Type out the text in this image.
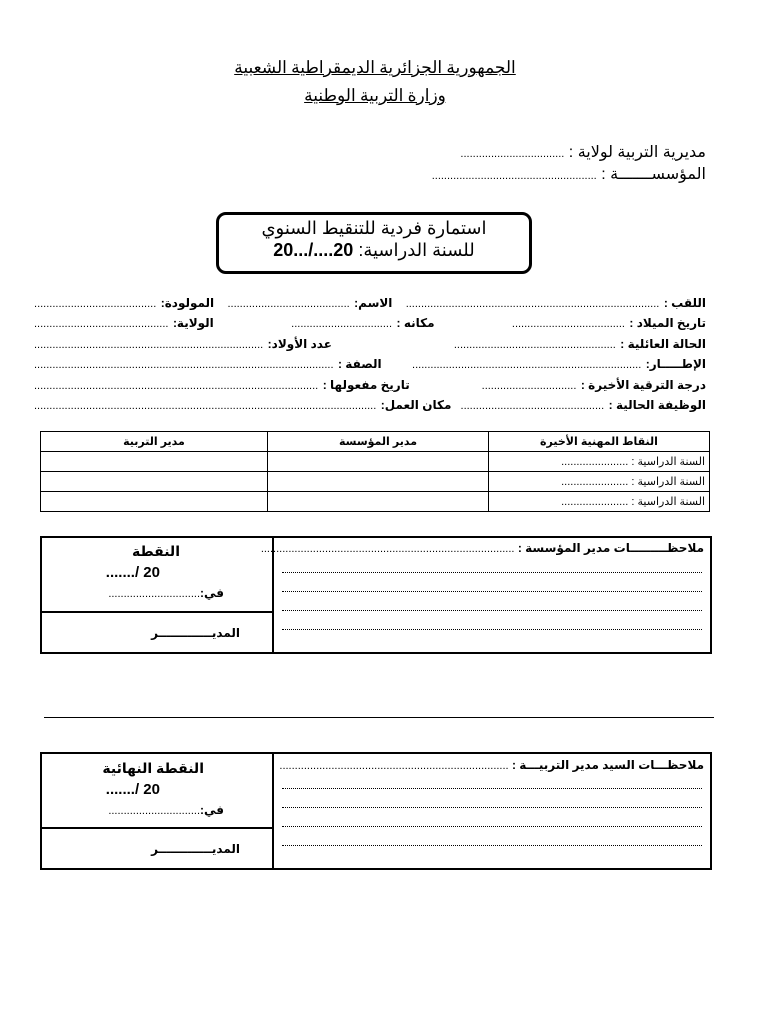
الجمهورية الجزائرية الديمقراطية الشعبية
وزارة التربية الوطنية
مديرية التربية لولاية : ..................................
المؤسســـــــة : ......................................................
استمارة فردية للتنقيط السنوي
للسنة الدراسية: 20.../....20
اللقب : ...................................................................................
الاسم: ........................................
المولودة: ........................................
تاريخ الميلاد : .....................................
مكانه : .................................
الولاية: ............................................
الحالة العائلية : .....................................................
عدد الأولاد: ...........................................................................
الإطـــــار: ...........................................................................
الصفة : ..................................................................................................
درجة الترقية الأخيرة : ...............................
تاريخ مفعولها : .............................................................................................
الوظيفة الحالية : ...............................................
مكان العمل: ................................................................................................................
النقاط المهنية الأخيرة	مدير المؤسسة	مدير التربية
السنة الدراسية : ......................		
السنة الدراسية : ......................		
السنة الدراسية : ......................		
ملاحظـــــــــات مدير المؤسسة : ...................................................................................
النقطة
......./ 20
في:..............................
المديـــــــــــــر
ملاحظـــات السيد مدير التربيـــة : ...........................................................................
النقطة النهائية
......./ 20
في:..............................
المديـــــــــــــر
